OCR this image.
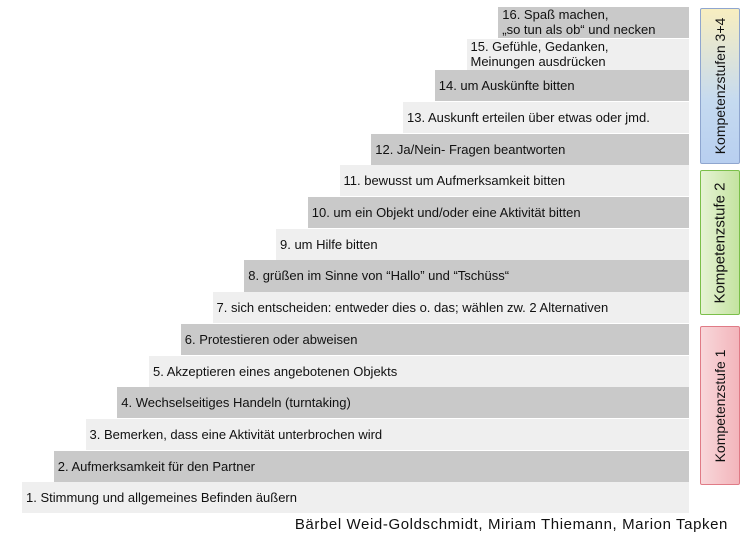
1. Stimmung und allgemeines Befinden äußern
2. Aufmerksamkeit für den Partner
3. Bemerken, dass eine Aktivität unterbrochen wird
4. Wechselseitiges Handeln (turntaking)
5. Akzeptieren eines angebotenen Objekts
6. Protestieren oder abweisen
7. sich entscheiden: entweder dies o. das; wählen zw. 2 Alternativen
8. grüßen im Sinne von “Hallo” und “Tschüss“
9. um Hilfe bitten
10. um ein Objekt und/oder eine Aktivität bitten
11. bewusst um Aufmerksamkeit bitten
12. Ja/Nein- Fragen beantworten
13. Auskunft erteilen über etwas oder jmd.
14. um Auskünfte bitten
15. Gefühle, Gedanken,
Meinungen ausdrücken
16. Spaß machen,
„so tun als ob“ und necken	Kompetenzstufen 3+4
Kompetenzstufe 2
Kompetenzstufe 1
Bärbel Weid-Goldschmidt, Miriam Thiemann, Marion Tapken
